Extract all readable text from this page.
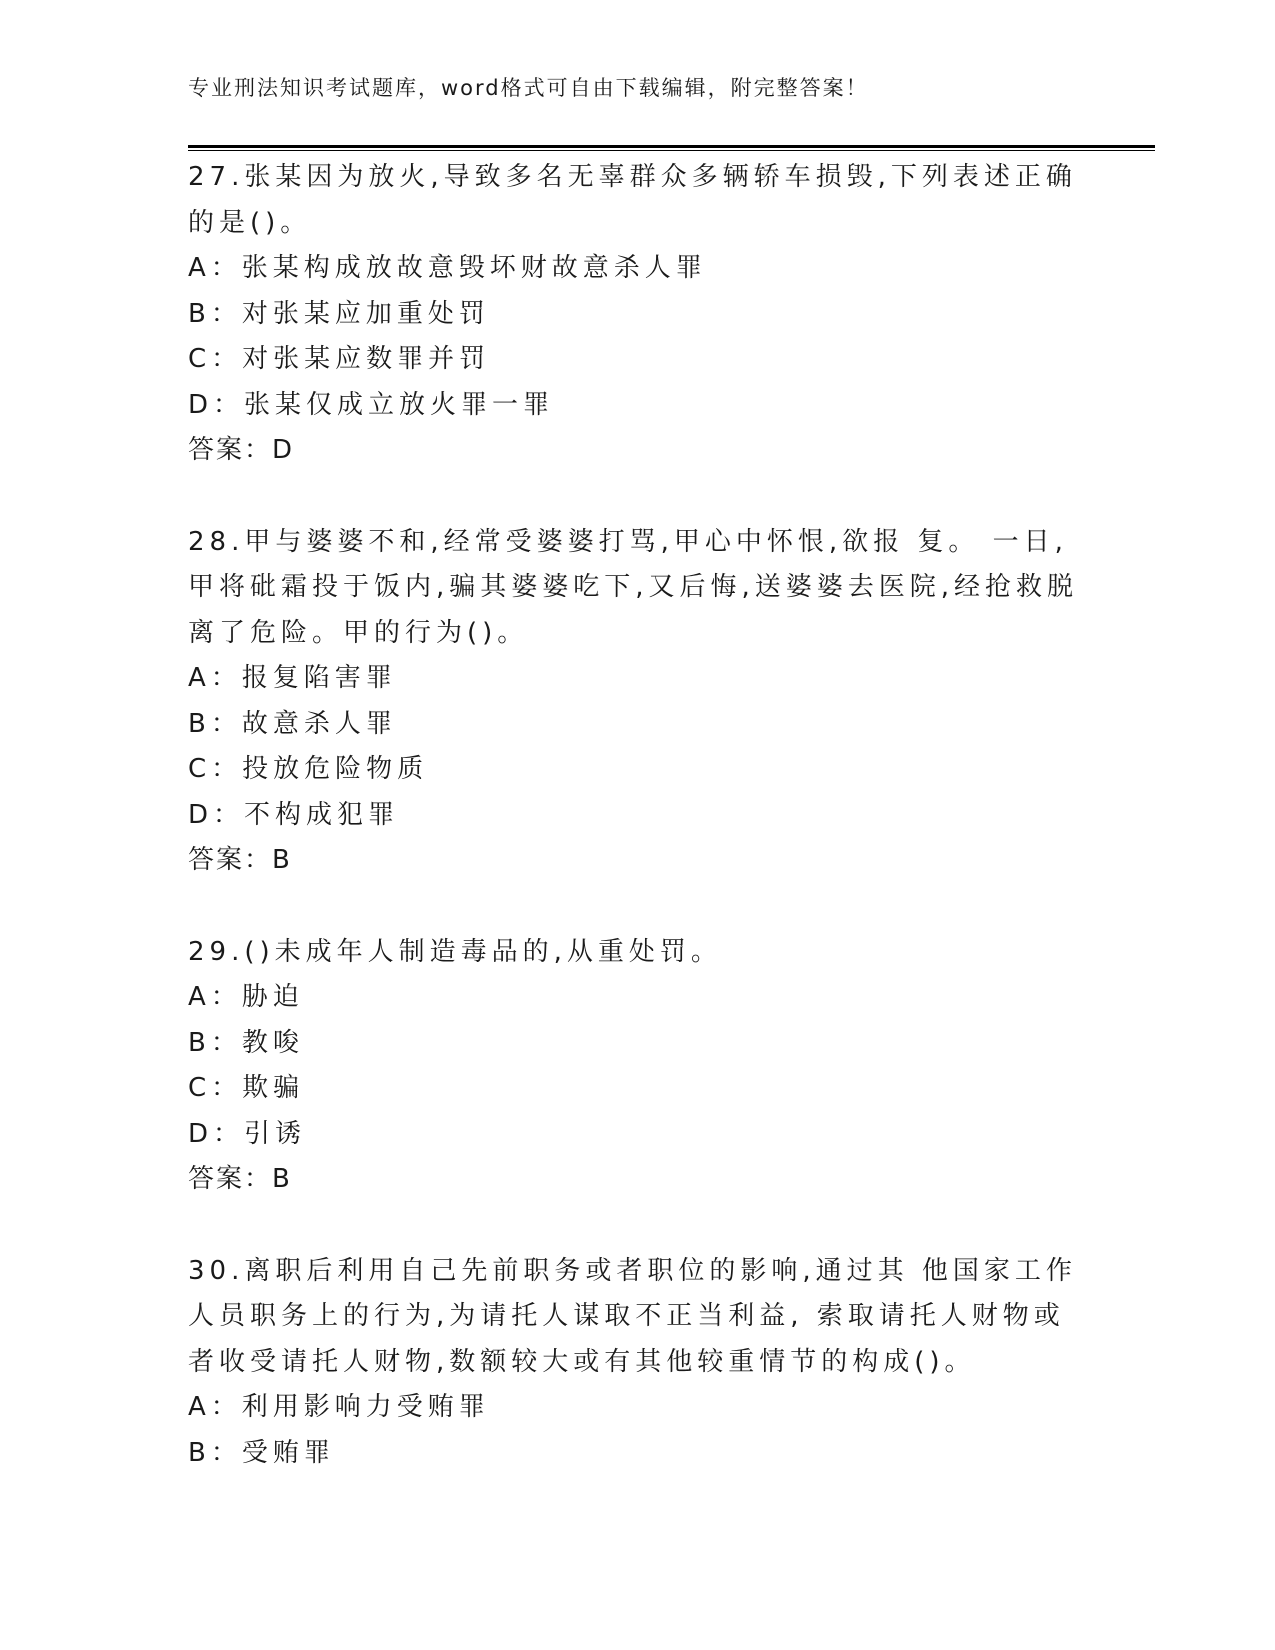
专业刑法知识考试题库，word格式可自由下载编辑，附完整答案！

27.张某因为放火,导致多名无辜群众多辆轿车损毁,下列表述正确的是()。

A：张某构成放故意毁坏财故意杀人罪

B：对张某应加重处罚

C：对张某应数罪并罚

D：张某仅成立放火罪一罪

答案：D

28.甲与婆婆不和,经常受婆婆打骂,甲心中怀恨,欲报 复。 一日,甲将砒霜投于饭内,骗其婆婆吃下,又后悔,送婆婆去医院,经抢救脱离了危险。甲的行为()。

A：报复陷害罪

B：故意杀人罪

C：投放危险物质

D：不构成犯罪

答案：B

29.()未成年人制造毒品的,从重处罚。

A：胁迫

B：教唆

C：欺骗

D：引诱

答案：B

30.离职后利用自己先前职务或者职位的影响,通过其 他国家工作人员职务上的行为,为请托人谋取不正当利益, 索取请托人财物或者收受请托人财物,数额较大或有其他较重情节的构成()。

A：利用影响力受贿罪

B：受贿罪
